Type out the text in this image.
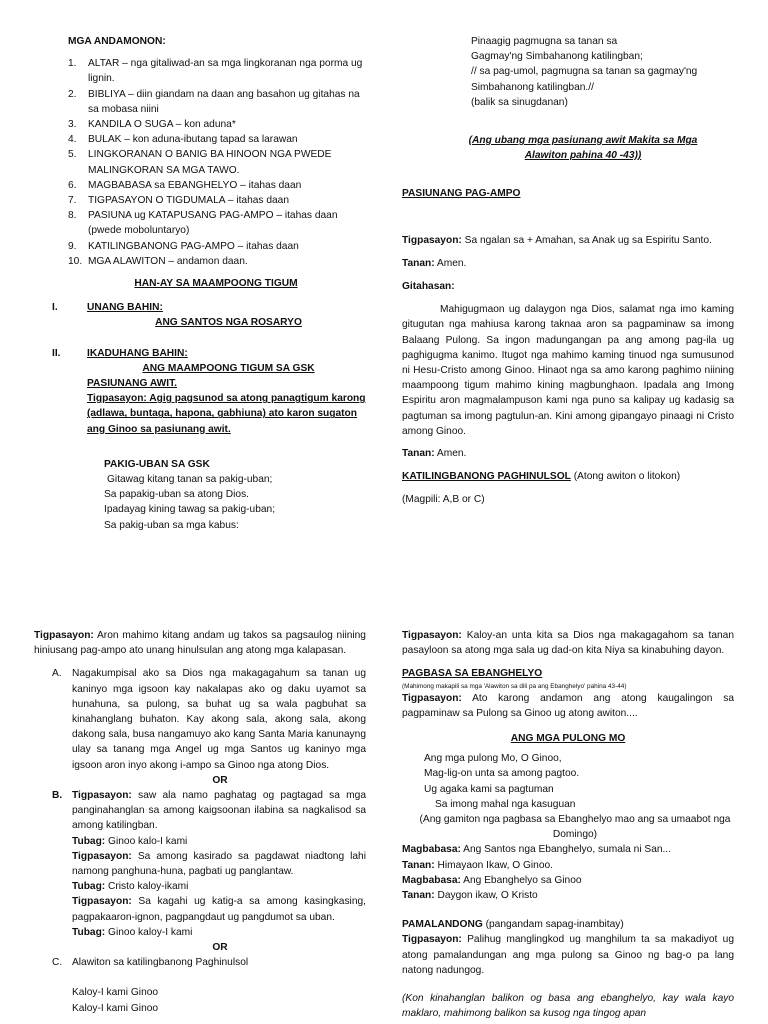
MGA ANDAMONON:

1. ALTAR – nga gitaliwad-an sa mga lingkoranan nga porma ug lignin.
2. BIBLIYA – diin giandam na daan ang basahon ug gitahas na sa mobasa niini
3. KANDILA O SUGA – kon aduna*
4. BULAK – kon aduna-ibutang tapad sa larawan
5. LINGKORANAN O BANIG BA HINOON NGA PWEDE MALINGKORAN SA MGA TAWO.
6. MAGBABASA sa EBANGHELYO – itahas daan
7. TIGPASAYON O TIGDUMALA – itahas daan
8. PASIUNA ug KATAPUSANG PAG-AMPO – itahas daan (pwede moboluntaryo)
9. KATILINGBANONG PAG-AMPO – itahas daan
10. MGA ALAWITON – andamon daan.

HAN-AY SA MAAMPOONG TIGUM

I.	UNANG BAHIN:

ANG SANTOS NGA ROSARYO

II.	IKADUHANG BAHIN:

ANG MAAMPOONG TIGUM SA GSK

PASIUNANG AWIT.

Tigpasayon: Agig pagsunod sa atong panagtigum karong (adlawa, buntaga, hapona, gabhiuna) ato karon sugaton ang Ginoo sa pasiunang awit.

PAKIG-UBAN SA GSK

Gitawag kitang tanan sa pakig-uban;

Sa papakig-uban sa atong Dios.

Ipadayag kining tawag sa pakig-uban;

Sa pakig-uban sa mga kabus:

Pinaagig pagmugna sa tanan sa

Gagmay'ng Simbahanong katilingban;

// sa pag-umol, pagmugna sa tanan sa gagmay'ng

Simbahanong katilingban.//

(balik sa sinugdanan)

(Ang ubang mga pasiunang awit Makita sa Mga Alawiton pahina 40 -43))

PASIUNANG PAG-AMPO

Tigpasayon: Sa ngalan sa + Amahan, sa Anak ug sa Espiritu Santo.

Tanan: Amen.

Gitahasan:

Mahigugmaon ug dalaygon nga Dios, salamat nga imo kaming gitugutan nga mahiusa karong taknaa aron sa pagpaminaw sa imong Balaang Pulong. Sa ingon madungangan pa ang among pag-ila ug paghigugma kanimo. Itugot nga mahimo kaming tinuod nga sumusunod ni Hesu-Cristo among Ginoo. Hinaot nga sa amo karong paghimo niining maampoong tigum mahimo kining magbunghaon. Ipadala ang Imong Espiritu aron magmalampuson kami nga puno sa kalipay ug kadasig sa pagtuman sa imong pagtulun-an. Kini among gipangayo pinaagi ni Cristo among Ginoo.

Tanan: Amen.

KATILINGBANONG PAGHINULSOL (Atong awiton o litokon)

(Magpili: A,B or C)

Tigpasayon: Aron mahimo kitang andam ug takos sa pagsaulog niining hiniusang pag-ampo ato unang hinulsulan ang atong mga kalapasan.

A. Nagakumpisal ako sa Dios nga makagagahum sa tanan ug kaninyo mga igsoon kay nakalapas ako og daku uyamot sa hunahuna, sa pulong, sa buhat ug sa wala pagbuhat sa kinahanglang buhaton. Kay akong sala, akong sala, akong dakong sala, busa nangamuyo ako kang Santa Maria kanunayng ulay sa tanang mga Angel ug mga Santos ug kaninyo mga igsoon aron inyo akong i-ampo sa Ginoo nga atong Dios.

OR

B. Tigpasayon: saw ala namo paghatag og pagtagad sa mga panginahanglan sa among kaigsoonan ilabina sa nagkalisod sa among katilingban.

Tubag: Ginoo kalo-I kami

Tigpasayon: Sa among kasirado sa pagdawat niadtong lahi namong panghuna-huna, pagbati ug panglantaw.

Tubag: Cristo kaloy-ikami

Tigpasayon: Sa kagahi ug katig-a sa among kasingkasing, pagpakaaron-ignon, pagpangdaut ug pangdumot sa uban.

Tubag: Ginoo kaloy-I kami

OR

C. Alawiton sa katilingbanong Paghinulsol

Kaloy-I kami Ginoo

Kaloy-I kami Ginoo

Tigpasayon: Kaloy-an unta kita sa Dios nga makagagahom sa tanan pasayloon sa atong mga sala ug dad-on kita Niya sa kinabuhing dayon.

PAGBASA SA EBANGHELYO

(Mahimong makapili sa mga 'Alawiton sa dili pa ang Ebanghelyo' pahina 43-44)

Tigpasayon: Ato karong andamon ang atong kaugalingon sa pagpaminaw sa Pulong sa Ginoo ug atong awiton....

ANG MGA PULONG MO

Ang mga pulong Mo, O Ginoo,

Mag-lig-on unta sa among pagtoo.

Ug agaka kami sa pagtuman

Sa imong mahal nga kasuguan

(Ang gamiton nga pagbasa sa Ebanghelyo mao ang sa umaabot nga Domingo)

Magbabasa: Ang Santos nga Ebanghelyo, sumala ni San...

Tanan: Himayaon Ikaw, O Ginoo.

Magbabasa: Ang Ebanghelyo sa Ginoo

Tanan: Daygon ikaw, O Kristo

PAMALANDONG (pangandam sapag-inambitay)

Tigpasayon: Palihug manglingkod ug manghilum ta sa makadiyot ug atong pamalandungan ang mga pulong sa Ginoo ng bag-o pa lang natong nadungog.

(Kon kinahanglan balikon og basa ang ebanghelyo, kay wala kayo maklaro, mahimong balikon sa kusog nga tingog apan
